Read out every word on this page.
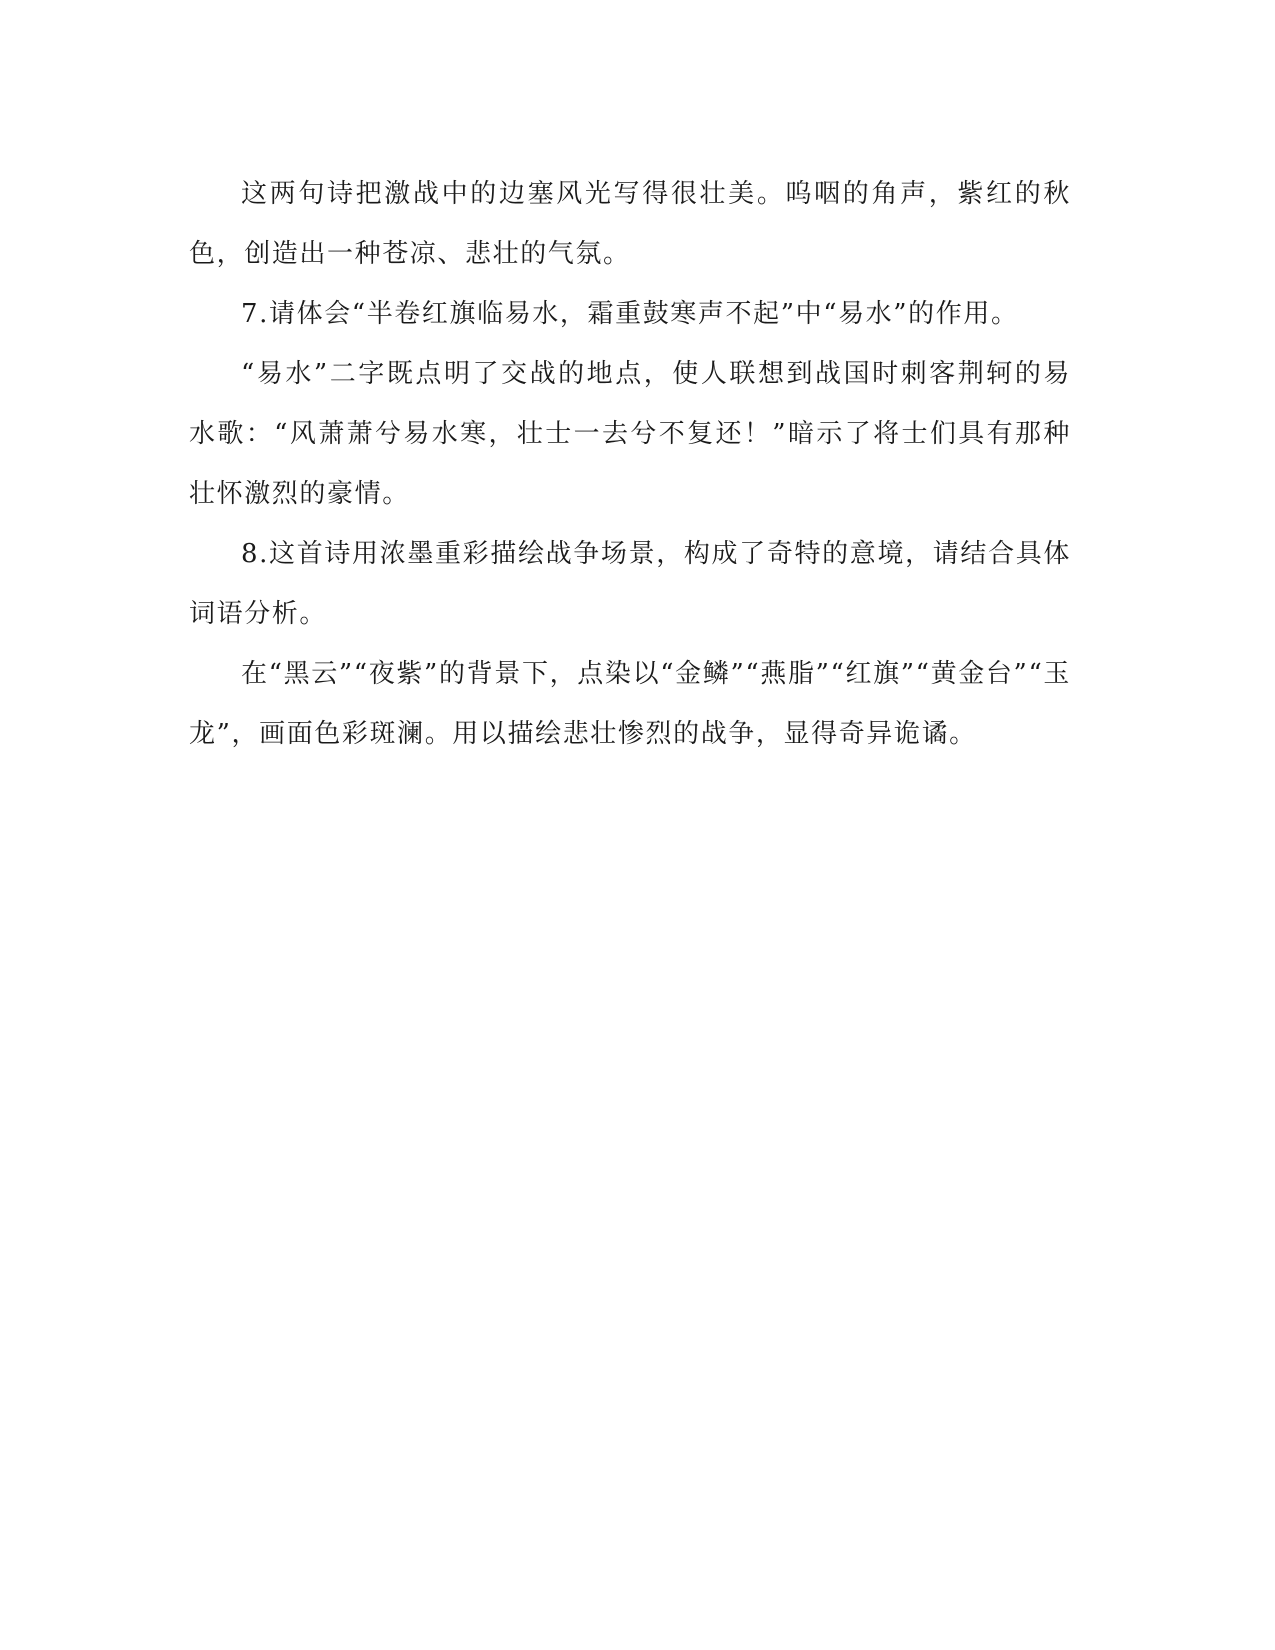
这两句诗把激战中的边塞风光写得很壮美。呜咽的角声，紫红的秋色，创造出一种苍凉、悲壮的气氛。

7.请体会“半卷红旗临易水，霜重鼓寒声不起”中“易水”的作用。

“易水”二字既点明了交战的地点，使人联想到战国时刺客荆轲的易水歌：“风萧萧兮易水寒，壮士一去兮不复还！”暗示了将士们具有那种壮怀激烈的豪情。

8.这首诗用浓墨重彩描绘战争场景，构成了奇特的意境，请结合具体词语分析。

在“黑云”“夜紫”的背景下，点染以“金鳞”“燕脂”“红旗”“黄金台”“玉龙”，画面色彩斑澜。用以描绘悲壮惨烈的战争，显得奇异诡谲。
